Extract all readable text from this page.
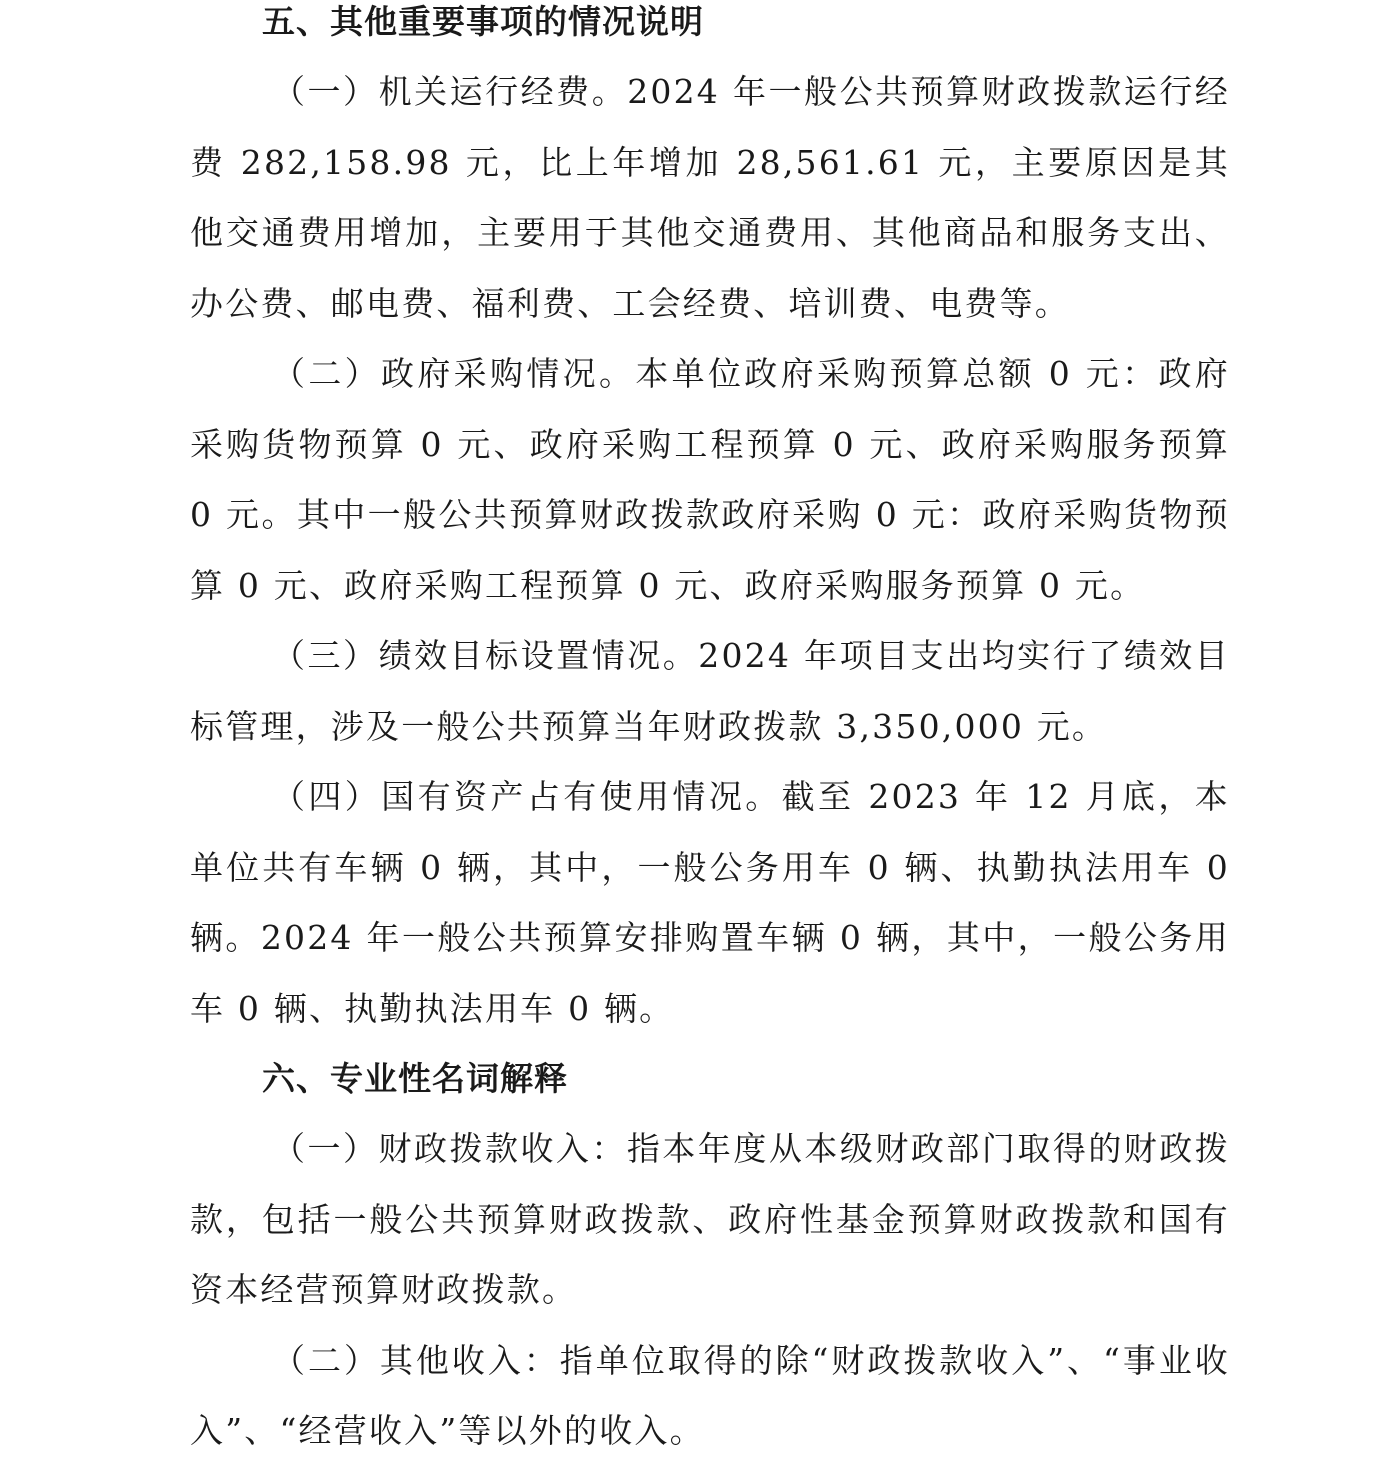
五、其他重要事项的情况说明

（一）机关运行经费。2024 年一般公共预算财政拨款运行经费 282,158.98 元，比上年增加 28,561.61 元，主要原因是其他交通费用增加，主要用于其他交通费用、其他商品和服务支出、办公费、邮电费、福利费、工会经费、培训费、电费等。

（二）政府采购情况。本单位政府采购预算总额 0 元：政府采购货物预算 0 元、政府采购工程预算 0 元、政府采购服务预算 0 元。其中一般公共预算财政拨款政府采购 0 元：政府采购货物预算 0 元、政府采购工程预算 0 元、政府采购服务预算 0 元。

（三）绩效目标设置情况。2024 年项目支出均实行了绩效目标管理，涉及一般公共预算当年财政拨款 3,350,000 元。

（四）国有资产占有使用情况。截至 2023 年 12 月底，本单位共有车辆 0 辆，其中，一般公务用车 0 辆、执勤执法用车 0 辆。2024 年一般公共预算安排购置车辆 0 辆，其中，一般公务用车 0 辆、执勤执法用车 0 辆。

六、专业性名词解释

（一）财政拨款收入：指本年度从本级财政部门取得的财政拨款，包括一般公共预算财政拨款、政府性基金预算财政拨款和国有资本经营预算财政拨款。

（二）其他收入：指单位取得的除“财政拨款收入”、“事业收入”、“经营收入”等以外的收入。
